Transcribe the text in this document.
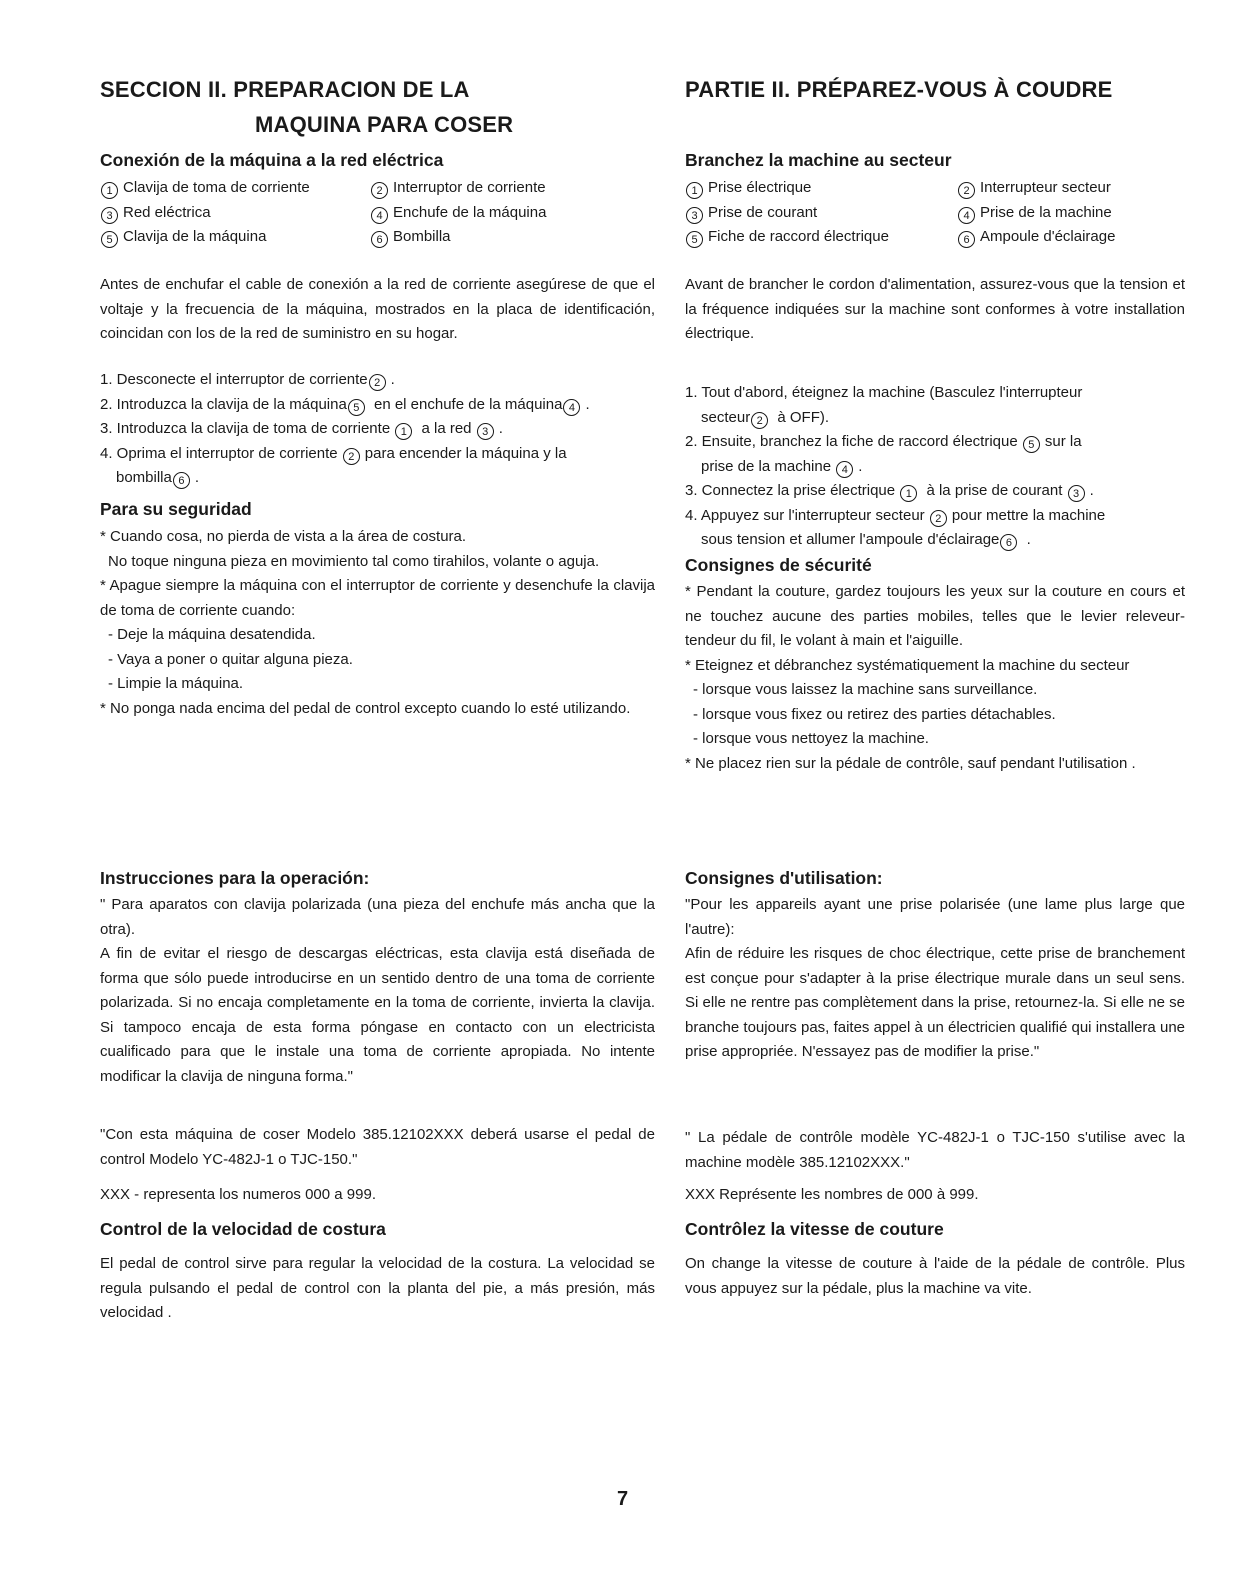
SECCION II. PREPARACION DE LA
MAQUINA PARA COSER
Conexión de la máquina a la red eléctrica
1 Clavija de toma de corriente	2 Interruptor de corriente
3 Red eléctrica	4 Enchufe de la máquina
5 Clavija de la máquina	6 Bombilla

Antes de enchufar el cable de conexión a la red de corriente asegúrese de que el voltaje y la frecuencia de la máquina, mostrados en la placa de identificación, coincidan con los de la red de suministro en su hogar.

1. Desconecte el interruptor de corriente 2 .
2. Introduzca la clavija de la máquina 5 en el enchufe de la máquina 4 .
3. Introduzca la clavija de toma de corriente 1 a la red 3 .
4. Oprima el interruptor de corriente 2 para encender la máquina y la
bombilla 6 .
Para su seguridad

* Cuando cosa, no pierda de vista a la área de costura.

No toque ninguna pieza en movimiento tal como tirahilos, volante o aguja.

* Apague siempre la máquina con el interruptor de corriente y desenchufe la clavija de toma de corriente cuando:

- Deje la máquina desatendida.

- Vaya a poner o quitar alguna pieza.

- Limpie la máquina.

* No ponga nada encima del pedal de control excepto cuando lo esté utilizando.

Instrucciones para la operación:

" Para aparatos con clavija polarizada (una pieza del enchufe más ancha que la otra).

A fin de evitar el riesgo de descargas eléctricas, esta clavija está diseñada de forma que sólo puede introducirse en un sentido dentro de una toma de corriente polarizada. Si no encaja completamente en la toma de corriente, invierta la clavija. Si tampoco encaja de esta forma póngase en contacto con un electricista cualificado para que le instale una toma de corriente apropiada. No intente modificar la clavija de ninguna forma."

"Con esta máquina de coser Modelo 385.12102XXX deberá usarse el pedal de control Modelo YC-482J-1 o TJC-150."

XXX - representa los numeros 000 a 999.

Control de la velocidad de costura

El pedal de control sirve para regular la velocidad de la costura. La velocidad se regula pulsando el pedal de control con la planta del pie, a más presión, más velocidad .

PARTIE II. PRÉPAREZ-VOUS À COUDRE
Branchez la machine au secteur
1 Prise électrique	2 Interrupteur secteur
3 Prise de courant	4 Prise de la machine
5 Fiche de raccord électrique	6 Ampoule d'éclairage

Avant de brancher le cordon d'alimentation, assurez-vous que la tension et la fréquence indiquées sur la machine sont conformes à votre installation électrique.

1. Tout d'abord, éteignez la machine (Basculez l'interrupteur
secteur 2 à OFF).
2. Ensuite, branchez la fiche de raccord électrique 5 sur la
prise de la machine 4 .
3. Connectez la prise électrique 1 à la prise de courant 3 .
4. Appuyez sur l'interrupteur secteur 2 pour mettre la machine
sous tension et allumer l'ampoule d'éclairage 6 .
Consignes de sécurité

* Pendant la couture, gardez toujours les yeux sur la couture en cours et ne touchez aucune des parties mobiles, telles que le levier releveur-tendeur du fil, le volant à main et l'aiguille.

* Eteignez et débranchez systématiquement la machine du secteur

- lorsque vous laissez la machine sans surveillance.

- lorsque vous fixez ou retirez des parties détachables.

- lorsque vous nettoyez la machine.

* Ne placez rien sur la pédale de contrôle, sauf pendant l'utilisation .

Consignes d'utilisation:

"Pour les appareils ayant une prise polarisée (une lame plus large que l'autre):

Afin de réduire les risques de choc électrique, cette prise de branchement est conçue pour s'adapter à la prise électrique murale dans un seul sens. Si elle ne rentre pas complètement dans la prise, retournez-la. Si elle ne se branche toujours pas, faites appel à un électricien qualifié qui installera une prise appropriée. N'essayez pas de modifier la prise."

" La pédale de contrôle modèle YC-482J-1 o TJC-150 s'utilise avec la machine modèle 385.12102XXX."

XXX Représente les nombres de 000 à 999.

Contrôlez la vitesse de couture

On change la vitesse de couture à l'aide de la pédale de contrôle. Plus vous appuyez sur la pédale, plus la machine va vite.

7
